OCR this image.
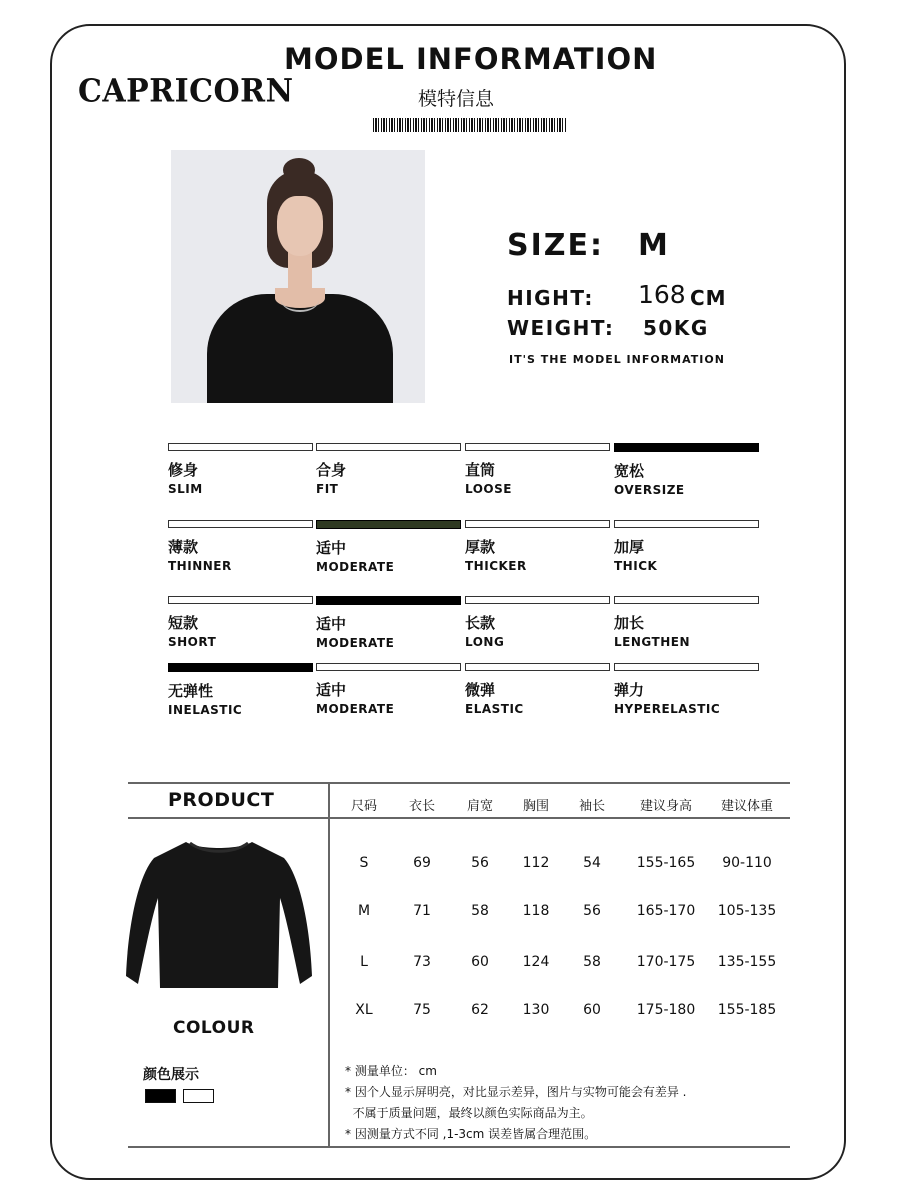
CAPRICORN
MODEL INFORMATION
模特信息
SIZE: M
HIGHT: 168 CM
WEIGHT: 50KG
IT'S THE MODEL INFORMATION
修身
SLIM
合身
FIT
直筒
LOOSE
宽松
OVERSIZE
薄款
THINNER
适中
MODERATE
厚款
THICKER
加厚
THICK
短款
SHORT
适中
MODERATE
长款
LONG
加长
LENGTHEN
无弹性
INELASTIC
适中
MODERATE
微弹
ELASTIC
弹力
HYPERELASTIC
PRODUCT	尺码	衣长	肩宽	胸围	袖长	建议身高	建议体重
S	69	56	112	54	155-165	90-110
M	71	58	118	56	165-170	105-135
L	73	60	124	58	170-175	135-155
XL	75	62	130	60	175-180	155-185
COLOUR
颜色展示	* 测量单位： cm
* 因个人显示屏明亮，对比显示差异，图片与实物可能会有差异 .
不属于质量问题，最终以颜色实际商品为主。
* 因测量方式不同 ,1-3cm 误差皆属合理范围。
